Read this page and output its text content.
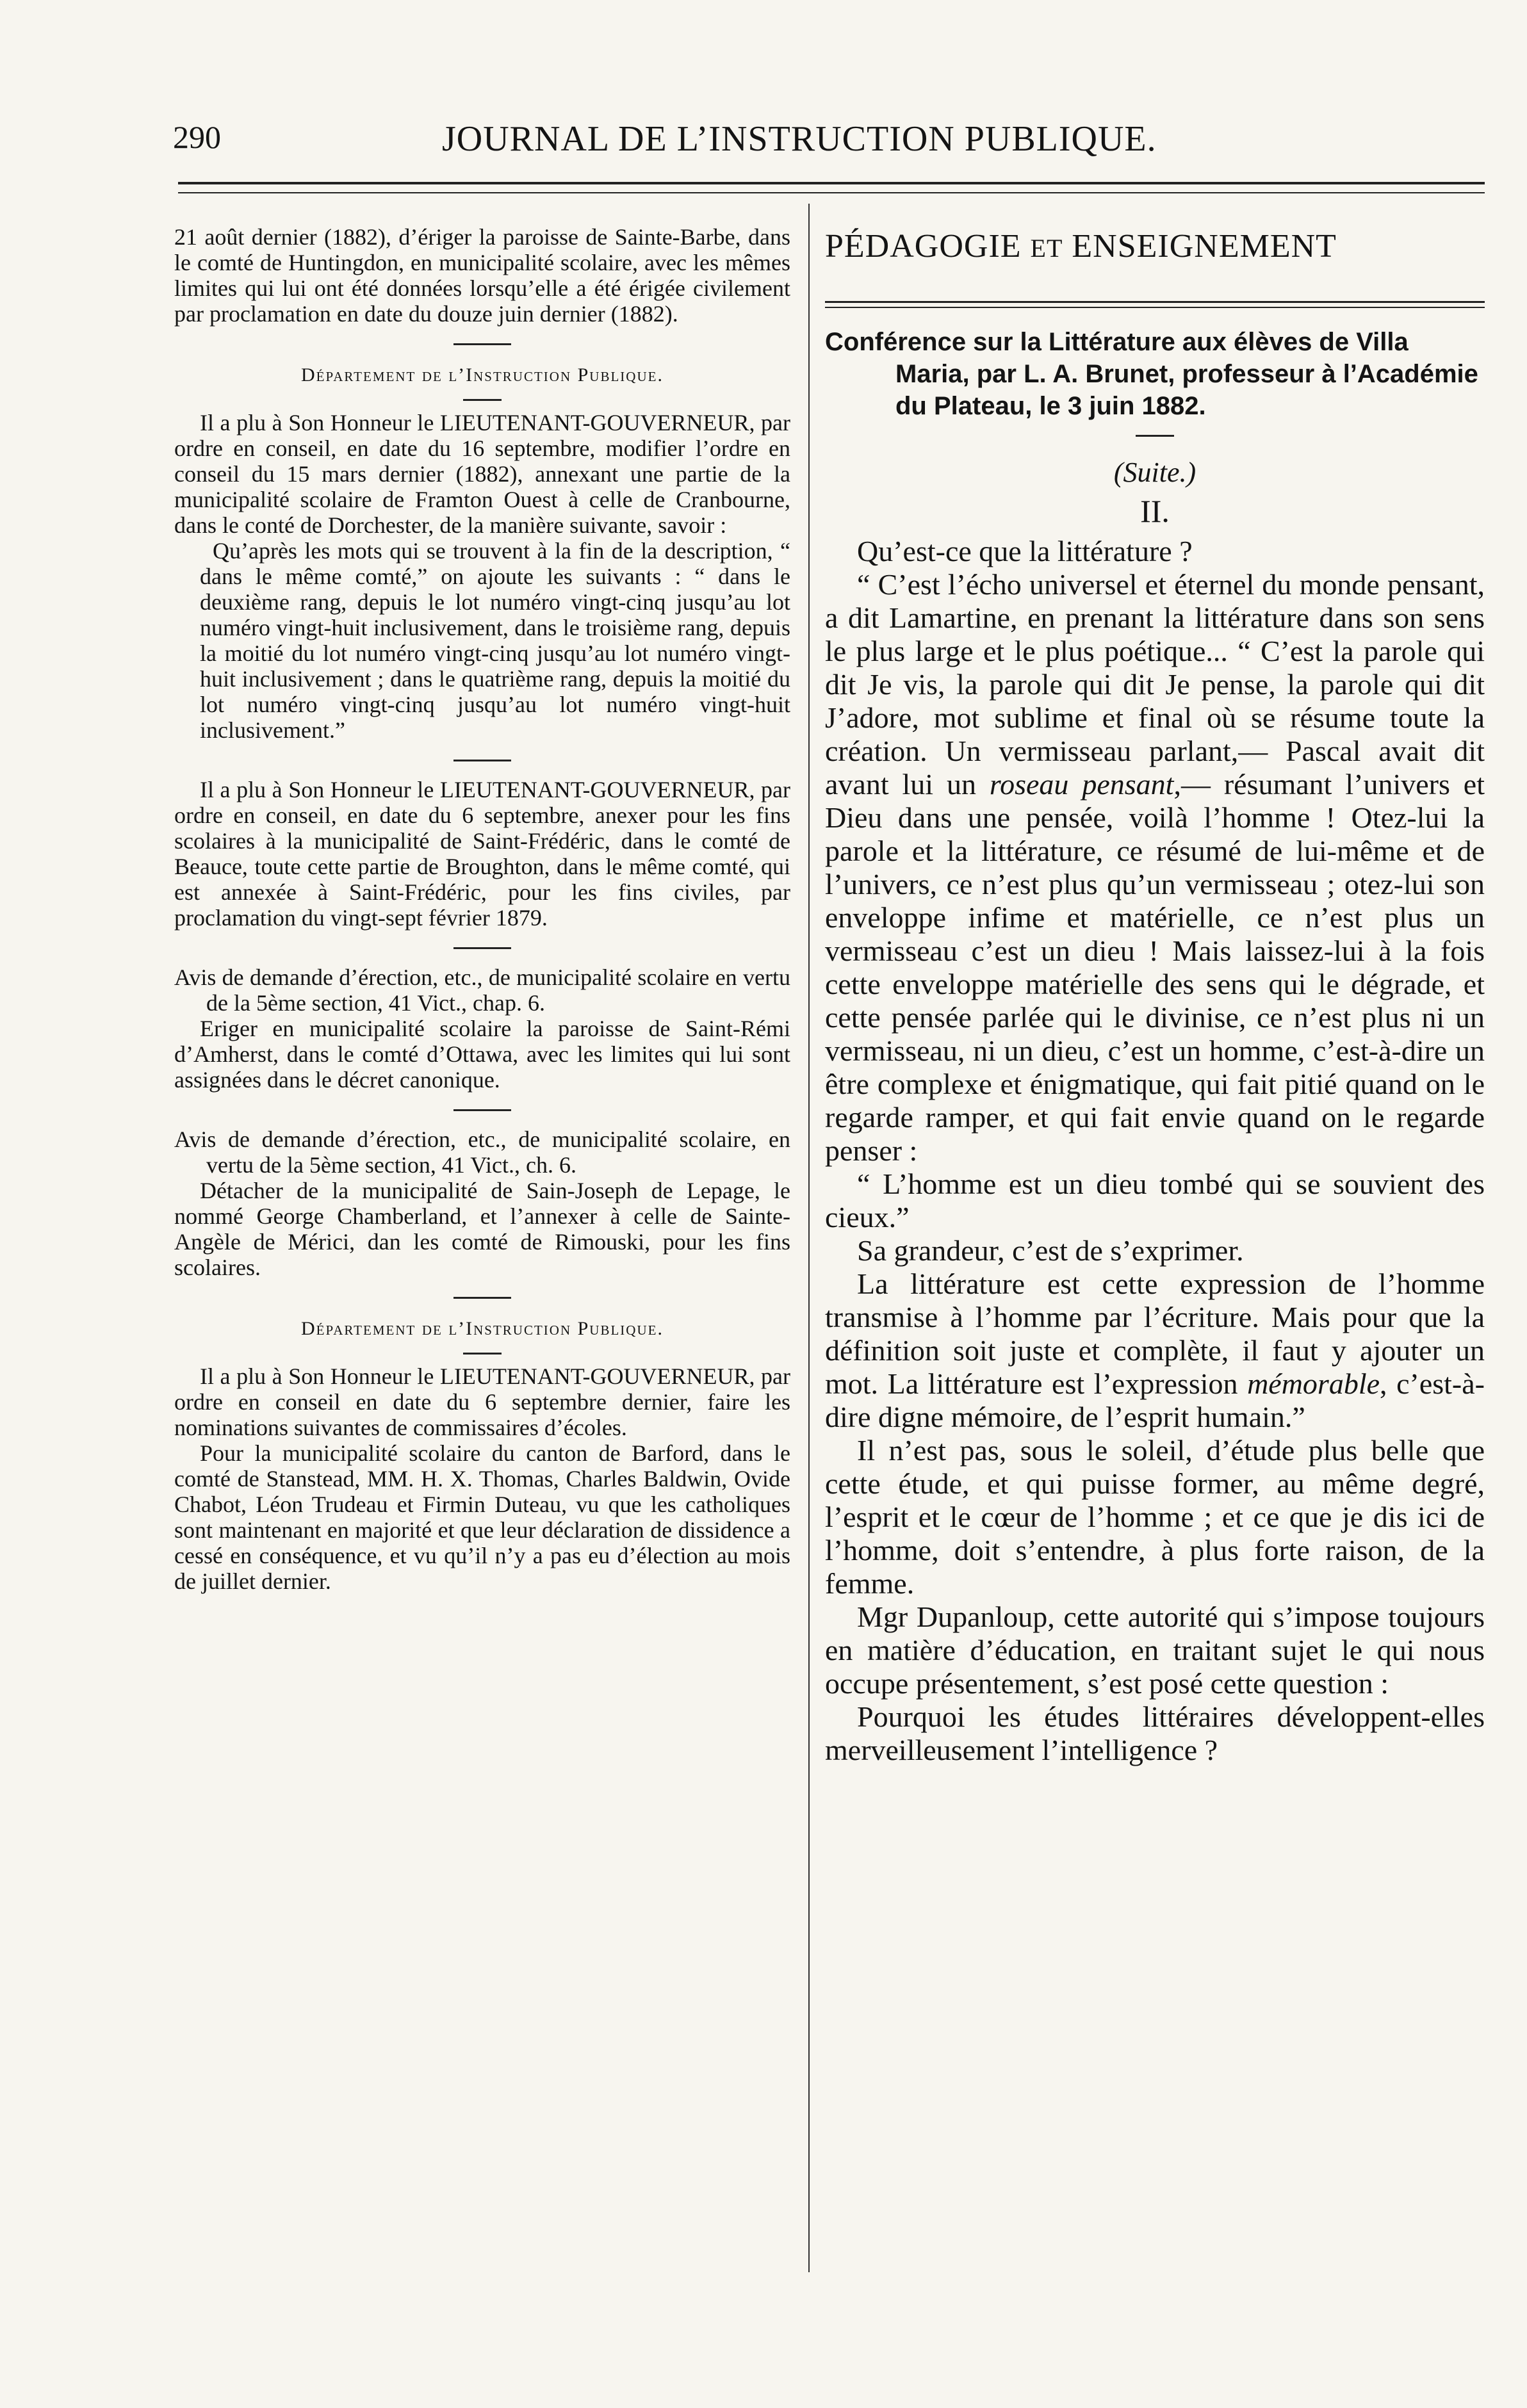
290	JOURNAL DE L’INSTRUCTION PUBLIQUE.

21 août dernier (1882), d’ériger la paroisse de Sainte-Barbe, dans le comté de Huntingdon, en municipalité scolaire, avec les mêmes limites qui lui ont été données lorsqu’elle a été érigée civilement par proclamation en date du douze juin dernier (1882).

Département de l’Instruction Publique.

Il a plu à Son Honneur le LIEUTENANT-GOUVERNEUR, par ordre en conseil, en date du 16 septembre, modifier l’ordre en conseil du 15 mars dernier (1882), annexant une partie de la municipalité scolaire de Framton Ouest à celle de Cranbourne, dans le conté de Dorchester, de la manière suivante, savoir :

Qu’après les mots qui se trouvent à la fin de la description, “ dans le même comté,” on ajoute les suivants : “ dans le deuxième rang, depuis le lot numéro vingt-cinq jusqu’au lot numéro vingt-huit inclusivement, dans le troisième rang, depuis la moitié du lot numéro vingt-cinq jusqu’au lot numéro vingt-huit inclusivement ; dans le quatrième rang, depuis la moitié du lot numéro vingt-cinq jusqu’au lot numéro vingt-huit inclusivement.”

Il a plu à Son Honneur le LIEUTENANT-GOUVERNEUR, par ordre en conseil, en date du 6 septembre, anexer pour les fins scolaires à la municipalité de Saint-Frédéric, dans le comté de Beauce, toute cette partie de Broughton, dans le même comté, qui est annexée à Saint-Frédéric, pour les fins civiles, par proclamation du vingt-sept février 1879.

Avis de demande d’érection, etc., de municipalité scolaire en vertu de la 5ème section, 41 Vict., chap. 6.

Eriger en municipalité scolaire la paroisse de Saint-Rémi d’Amherst, dans le comté d’Ottawa, avec les limites qui lui sont assignées dans le décret canonique.

Avis de demande d’érection, etc., de municipalité scolaire, en vertu de la 5ème section, 41 Vict., ch. 6.

Détacher de la municipalité de Sain-Joseph de Lepage, le nommé George Chamberland, et l’annexer à celle de Sainte-Angèle de Mérici, dan les comté de Rimouski, pour les fins scolaires.

Département de l’Instruction Publique.

Il a plu à Son Honneur le LIEUTENANT-GOUVERNEUR, par ordre en conseil en date du 6 septembre dernier, faire les nominations suivantes de commissaires d’écoles.

Pour la municipalité scolaire du canton de Barford, dans le comté de Stanstead, MM. H. X. Thomas, Charles Baldwin, Ovide Chabot, Léon Trudeau et Firmin Duteau, vu que les catholiques sont maintenant en majorité et que leur déclaration de dissidence a cessé en conséquence, et vu qu’il n’y a pas eu d’élection au mois de juillet dernier.

PÉDAGOGIE ET ENSEIGNEMENT
Conférence sur la Littérature aux élèves de Villa Maria, par L. A. Brunet, professeur à l’Académie du Plateau, le 3 juin 1882.
(Suite.)
II.

Qu’est-ce que la littérature ?

“ C’est l’écho universel et éternel du monde pensant, a dit Lamartine, en prenant la littérature dans son sens le plus large et le plus poétique... “ C’est la parole qui dit Je vis, la parole qui dit Je pense, la parole qui dit J’adore, mot sublime et final où se résume toute la création. Un vermisseau parlant,— Pascal avait dit avant lui un roseau pensant,— résumant l’univers et Dieu dans une pensée, voilà l’homme ! Otez-lui la parole et la littérature, ce résumé de lui-même et de l’univers, ce n’est plus qu’un vermisseau ; otez-lui son enveloppe infime et matérielle, ce n’est plus un vermisseau c’est un dieu ! Mais laissez-lui à la fois cette enveloppe matérielle des sens qui le dégrade, et cette pensée parlée qui le divinise, ce n’est plus ni un vermisseau, ni un dieu, c’est un homme, c’est-à-dire un être complexe et énigmatique, qui fait pitié quand on le regarde ramper, et qui fait envie quand on le regarde penser :

“ L’homme est un dieu tombé qui se souvient des cieux.”

Sa grandeur, c’est de s’exprimer.

La littérature est cette expression de l’homme transmise à l’homme par l’écriture. Mais pour que la définition soit juste et complète, il faut y ajouter un mot. La littérature est l’expression mémorable, c’est-à-dire digne mémoire, de l’esprit humain.”

Il n’est pas, sous le soleil, d’étude plus belle que cette étude, et qui puisse former, au même degré, l’esprit et le cœur de l’homme ; et ce que je dis ici de l’homme, doit s’entendre, à plus forte raison, de la femme.

Mgr Dupanloup, cette autorité qui s’impose toujours en matière d’éducation, en traitant sujet le qui nous occupe présentement, s’est posé cette question :

Pourquoi les études littéraires développent-elles merveilleusement l’intelligence ?
